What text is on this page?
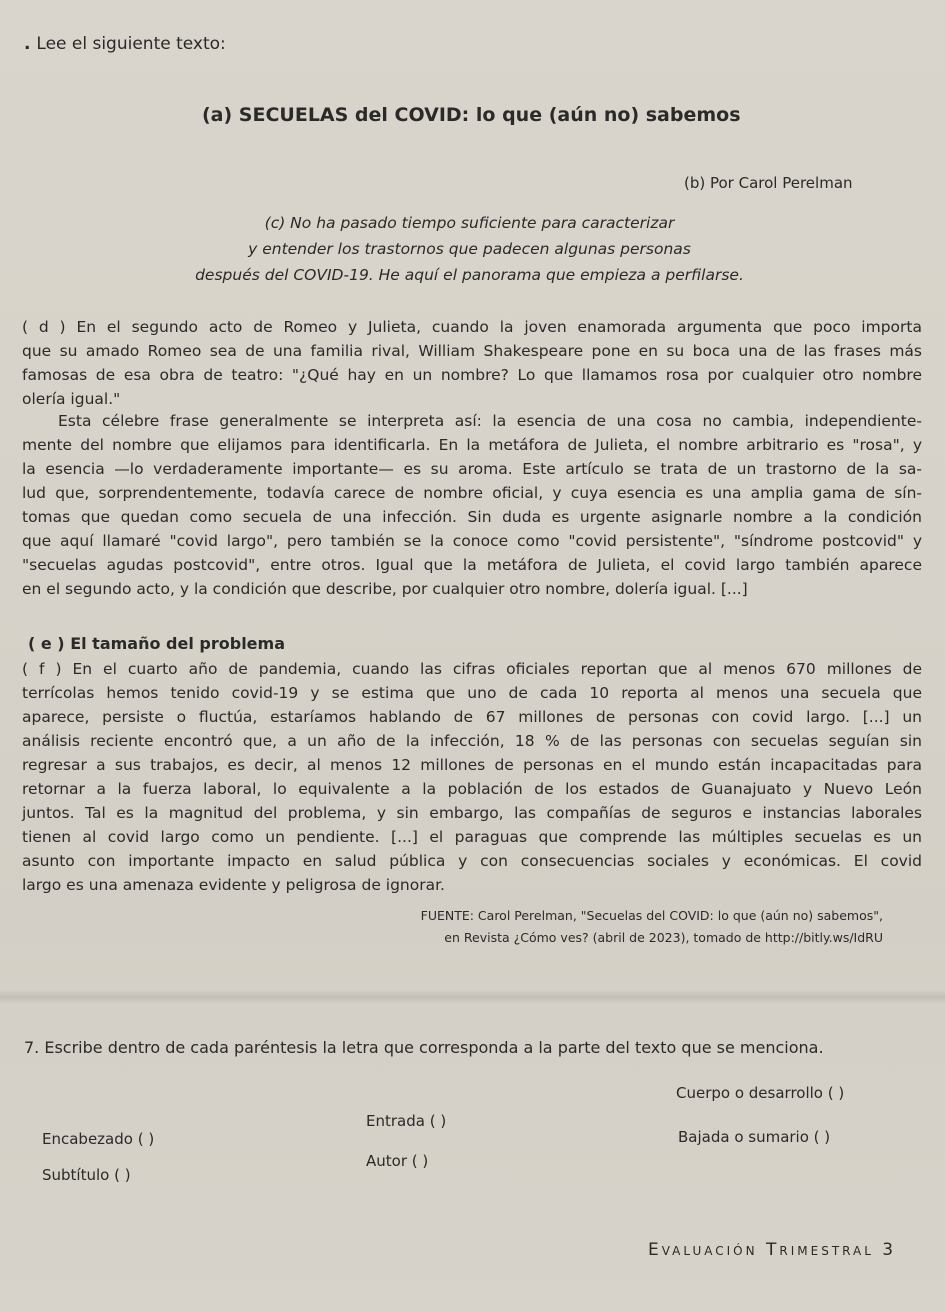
. Lee el siguiente texto:
(a) SECUELAS del COVID: lo que (aún no) sabemos
(b) Por Carol Perelman
(c) No ha pasado tiempo suficiente para caracterizar
y entender los trastornos que padecen algunas personas
después del COVID-19. He aquí el panorama que empieza a perfilarse.
( d ) En el segundo acto de Romeo y Julieta, cuando la joven enamorada argumenta que poco importa
que su amado Romeo sea de una familia rival, William Shakespeare pone en su boca una de las frases más
famosas de esa obra de teatro: "¿Qué hay en un nombre? Lo que llamamos rosa por cualquier otro nombre
olería igual."
Esta célebre frase generalmente se interpreta así: la esencia de una cosa no cambia, independiente-
mente del nombre que elijamos para identificarla. En la metáfora de Julieta, el nombre arbitrario es "rosa", y
la esencia —lo verdaderamente importante— es su aroma. Este artículo se trata de un trastorno de la sa-
lud que, sorprendentemente, todavía carece de nombre oficial, y cuya esencia es una amplia gama de sín-
tomas que quedan como secuela de una infección. Sin duda es urgente asignarle nombre a la condición
que aquí llamaré "covid largo", pero también se la conoce como "covid persistente", "síndrome postcovid" y
"secuelas agudas postcovid", entre otros. Igual que la metáfora de Julieta, el covid largo también aparece
en el segundo acto, y la condición que describe, por cualquier otro nombre, dolería igual. [...]
( e ) El tamaño del problema
( f ) En el cuarto año de pandemia, cuando las cifras oficiales reportan que al menos 670 millones de
terrícolas hemos tenido covid-19 y se estima que uno de cada 10 reporta al menos una secuela que
aparece, persiste o fluctúa, estaríamos hablando de 67 millones de personas con covid largo. [...] un
análisis reciente encontró que, a un año de la infección, 18 % de las personas con secuelas seguían sin
regresar a sus trabajos, es decir, al menos 12 millones de personas en el mundo están incapacitadas para
retornar a la fuerza laboral, lo equivalente a la población de los estados de Guanajuato y Nuevo León
juntos. Tal es la magnitud del problema, y sin embargo, las compañías de seguros e instancias laborales
tienen al covid largo como un pendiente. [...] el paraguas que comprende las múltiples secuelas es un
asunto con importante impacto en salud pública y con consecuencias sociales y económicas. El covid
largo es una amenaza evidente y peligrosa de ignorar.
FUENTE: Carol Perelman, "Secuelas del COVID: lo que (aún no) sabemos",
en Revista ¿Cómo ves? (abril de 2023), tomado de http://bitly.ws/IdRU
7. Escribe dentro de cada paréntesis la letra que corresponda a la parte del texto que se menciona.
Cuerpo o desarrollo ( )
Entrada ( )
Encabezado ( )	Bajada o sumario ( )
Autor ( )
Subtítulo ( )
Evaluación Trimestral 3
